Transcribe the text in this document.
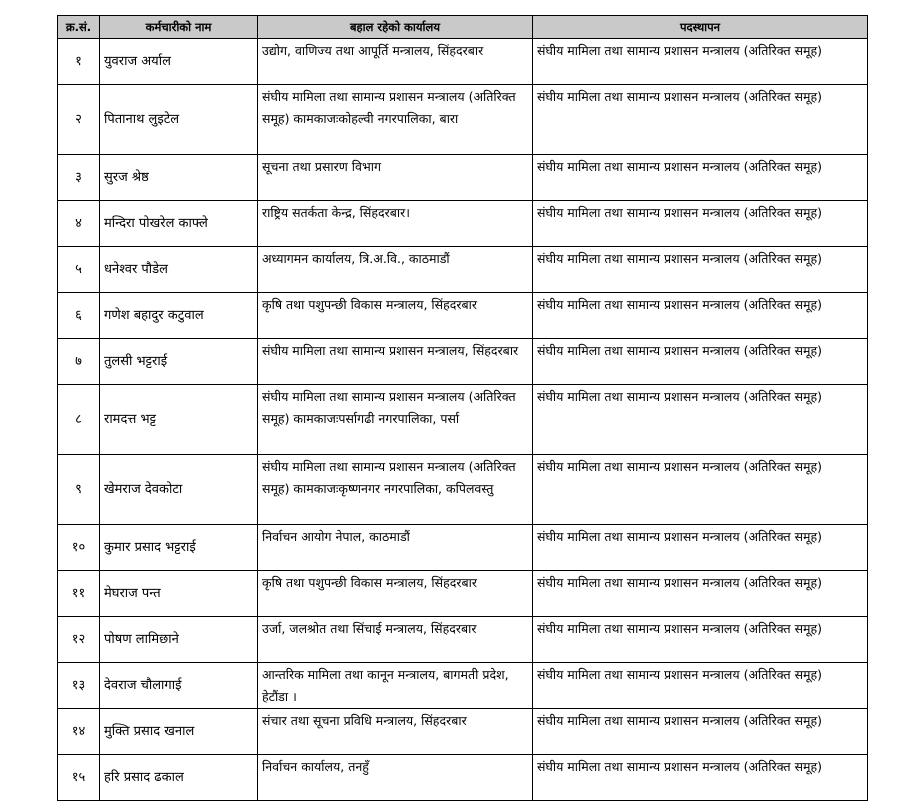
क्र.सं.	कर्मचारीको नाम	बहाल रहेको कार्यालय	पदस्थापन
१	युवराज अर्याल	उद्योग, वाणिज्य तथा आपूर्ति मन्त्रालय, सिंहदरबार	संघीय मामिला तथा सामान्य प्रशासन मन्त्रालय (अतिरिक्त समूह)
२	पितानाथ लुइटेल	संघीय मामिला तथा सामान्य प्रशासन मन्त्रालय (अतिरिक्त समूह) कामकाजःकोहल्वी नगरपालिका, बारा	संघीय मामिला तथा सामान्य प्रशासन मन्त्रालय (अतिरिक्त समूह)
३	सुरज श्रेष्ठ	सूचना तथा प्रसारण विभाग	संघीय मामिला तथा सामान्य प्रशासन मन्त्रालय (अतिरिक्त समूह)
४	मन्दिरा पोखरेल काफ्ले	राष्ट्रिय सतर्कता केन्द्र, सिंहदरबार।	संघीय मामिला तथा सामान्य प्रशासन मन्त्रालय (अतिरिक्त समूह)
५	धनेश्वर पौडेल	अध्यागमन कार्यालय, त्रि.अ.वि., काठमाडौं	संघीय मामिला तथा सामान्य प्रशासन मन्त्रालय (अतिरिक्त समूह)
६	गणेश बहादुर कटुवाल	कृषि तथा पशुपन्छी विकास मन्त्रालय, सिंहदरबार	संघीय मामिला तथा सामान्य प्रशासन मन्त्रालय (अतिरिक्त समूह)
७	तुलसी भट्टराई	संघीय मामिला तथा सामान्य प्रशासन मन्त्रालय, सिंहदरबार	संघीय मामिला तथा सामान्य प्रशासन मन्त्रालय (अतिरिक्त समूह)
८	रामदत्त भट्ट	संघीय मामिला तथा सामान्य प्रशासन मन्त्रालय (अतिरिक्त समूह) कामकाजःपर्सागढी नगरपालिका, पर्सा	संघीय मामिला तथा सामान्य प्रशासन मन्त्रालय (अतिरिक्त समूह)
९	खेमराज देवकोटा	संघीय मामिला तथा सामान्य प्रशासन मन्त्रालय (अतिरिक्त समूह) कामकाजःकृष्णनगर नगरपालिका, कपिलवस्तु	संघीय मामिला तथा सामान्य प्रशासन मन्त्रालय (अतिरिक्त समूह)
१०	कुमार प्रसाद भट्टराई	निर्वाचन आयोग नेपाल, काठमाडौं	संघीय मामिला तथा सामान्य प्रशासन मन्त्रालय (अतिरिक्त समूह)
११	मेघराज पन्त	कृषि तथा पशुपन्छी विकास मन्त्रालय, सिंहदरबार	संघीय मामिला तथा सामान्य प्रशासन मन्त्रालय (अतिरिक्त समूह)
१२	पोषण लामिछाने	उर्जा, जलश्रोत तथा सिंचाई मन्त्रालय, सिंहदरबार	संघीय मामिला तथा सामान्य प्रशासन मन्त्रालय (अतिरिक्त समूह)
१३	देवराज चौलागाई	आन्तरिक मामिला तथा कानून मन्त्रालय, बागमती प्रदेश, हेटौंडा ।	संघीय मामिला तथा सामान्य प्रशासन मन्त्रालय (अतिरिक्त समूह)
१४	मुक्ति प्रसाद खनाल	संचार तथा सूचना प्रविधि मन्त्रालय, सिंहदरबार	संघीय मामिला तथा सामान्य प्रशासन मन्त्रालय (अतिरिक्त समूह)
१५	हरि प्रसाद ढकाल	निर्वाचन कार्यालय, तनहुँ	संघीय मामिला तथा सामान्य प्रशासन मन्त्रालय (अतिरिक्त समूह)
